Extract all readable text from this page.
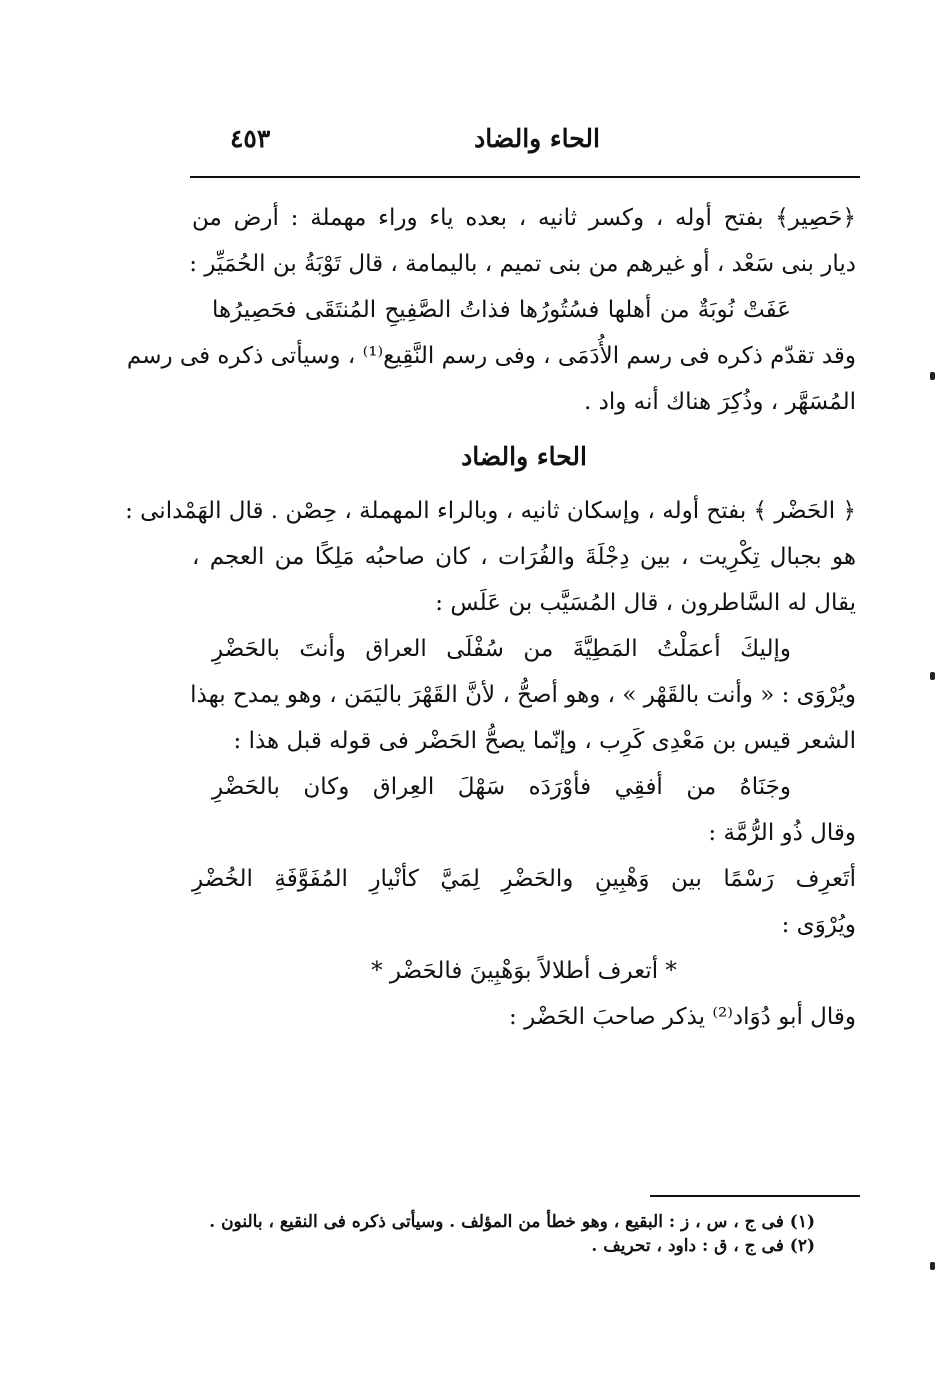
الحاء والضاد
٤٥٣
﴿حَصِير﴾ بفتح أوله ، وكسر ثانيه ، بعده ياء وراء مهملة : أرض من
ديار بنى سَعْد ، أو غيرهم من بنى تميم ، باليمامة ، قال تَوْبَةُ بن الحُمَيِّر :
عَفَتْ نُوبَةٌ من أهلها فسُتُورُها فذاتُ الصَّفِيحِ المُنتَقَى فحَصِيرُها
وقد تقدّم ذكره فى رسم الأُدَمَى ، وفى رسم النَّقِيع⁽¹⁾ ، وسيأتى ذكره فى رسم
المُسَهَّر ، وذُكِرَ هناك أنه واد .
الحاء والضاد
﴿ الحَضْر ﴾ بفتح أوله ، وإسكان ثانيه ، وبالراء المهملة ، حِصْن . قال الهَمْدانى :
هو بجبال تِكْرِيت ، بين دِجْلَةَ والفُرَات ، كان صاحبُه مَلِكًا من العجم ،
يقال له السَّاطرون ، قال المُسَيَّب بن عَلَس :
وإليكَ أعمَلْتُ المَطِيَّةَ من سُفْلَى العراق وأنتَ بالحَضْرِ
ويُرْوَى : « وأنت بالقَهْر » ، وهو أصحُّ ، لأنَّ القَهْرَ باليَمَن ، وهو يمدح بهذا
الشعر قيس بن مَعْدِى كَرِب ، وإنّما يصحُّ الحَضْر فى قوله قبل هذا :
وجَنَاهُ من أفقِي فأوْرَدَه سَهْلَ العِراق وكان بالحَضْرِ
وقال ذُو الرُّمَّة :
أتَعرِف رَسْمًا بين وَهْبِينِ والحَضْرِ لِمَيَّ كأنْيارِ المُفَوَّفَةِ الخُضْرِ
ويُرْوَى :
* أتعرف أطلالاً بوَهْبِينَ فالحَضْر *
وقال أبو دُوَاد⁽²⁾ يذكر صاحبَ الحَضْر :
(١) فى ج ، س ، ز : البقيع ، وهو خطأ من المؤلف . وسيأتى ذكره فى النقيع ، بالنون .
(٢) فى ج ، ق : داود ، تحريف .
